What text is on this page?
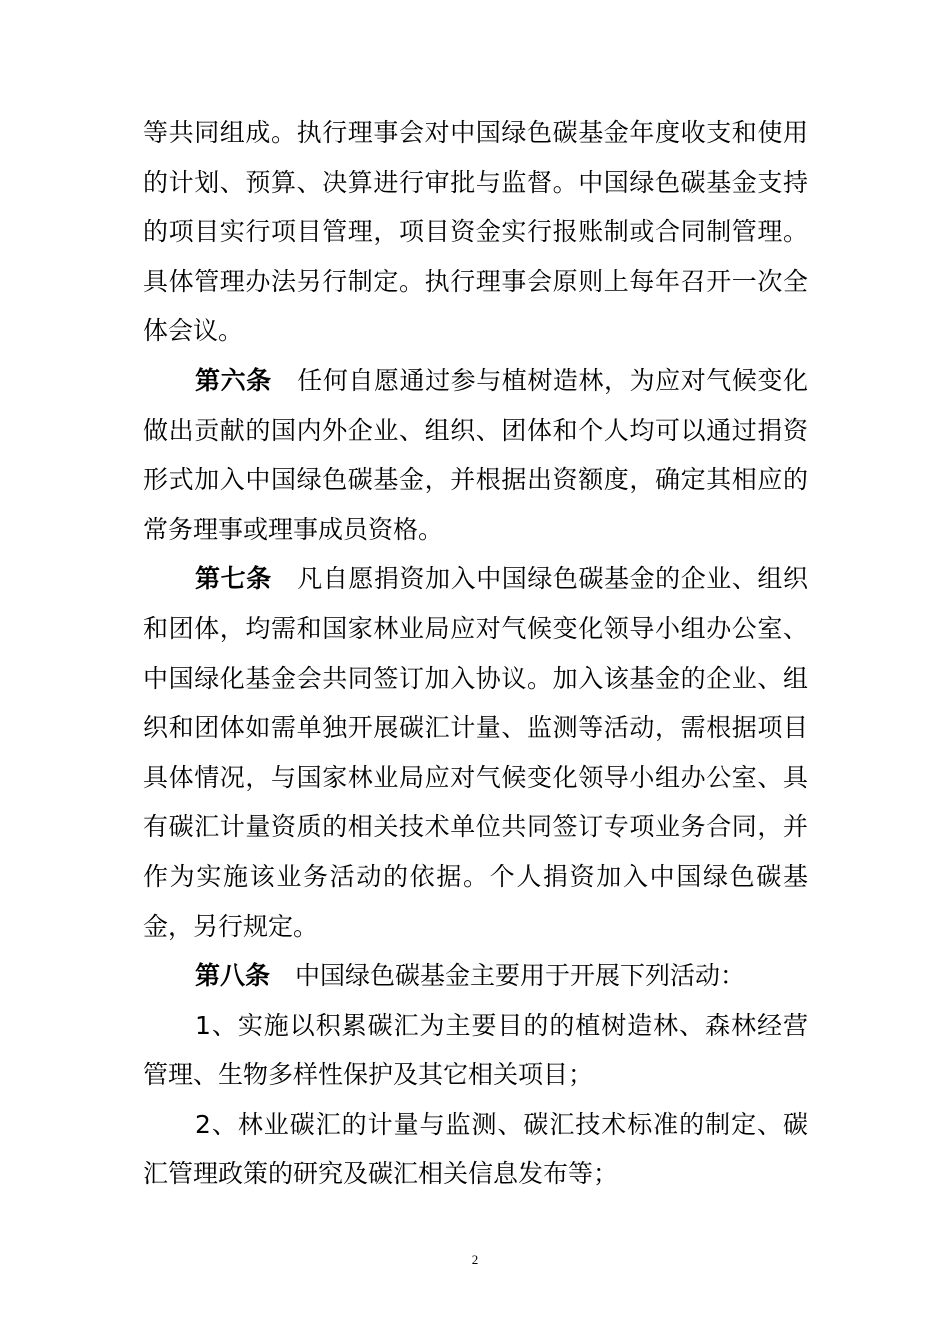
等共同组成。执行理事会对中国绿色碳基金年度收支和使用的计划、预算、决算进行审批与监督。中国绿色碳基金支持的项目实行项目管理，项目资金实行报账制或合同制管理。具体管理办法另行制定。执行理事会原则上每年召开一次全体会议。

第六条  任何自愿通过参与植树造林，为应对气候变化做出贡献的国内外企业、组织、团体和个人均可以通过捐资形式加入中国绿色碳基金，并根据出资额度，确定其相应的常务理事或理事成员资格。

第七条  凡自愿捐资加入中国绿色碳基金的企业、组织和团体，均需和国家林业局应对气候变化领导小组办公室、中国绿化基金会共同签订加入协议。加入该基金的企业、组织和团体如需单独开展碳汇计量、监测等活动，需根据项目具体情况，与国家林业局应对气候变化领导小组办公室、具有碳汇计量资质的相关技术单位共同签订专项业务合同，并作为实施该业务活动的依据。个人捐资加入中国绿色碳基金，另行规定。

第八条  中国绿色碳基金主要用于开展下列活动：

1、实施以积累碳汇为主要目的的植树造林、森林经营管理、生物多样性保护及其它相关项目；

2、林业碳汇的计量与监测、碳汇技术标准的制定、碳汇管理政策的研究及碳汇相关信息发布等；

2
